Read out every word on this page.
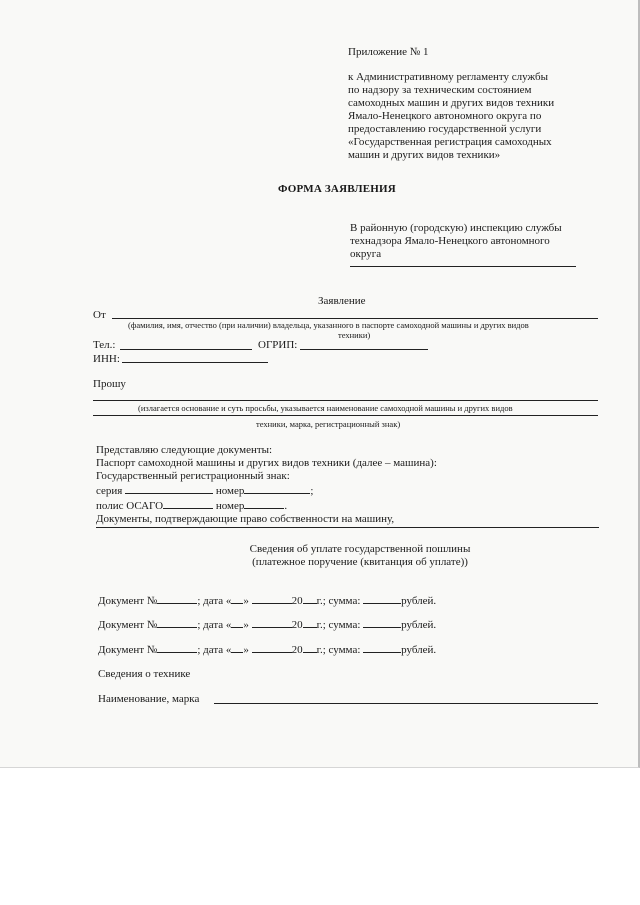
Приложение № 1
к Административному регламенту службы
по надзору за техническим состоянием
самоходных машин и других видов техники
Ямало-Ненецкого автономного округа по
предоставлению государственной услуги
«Государственная регистрация самоходных
машин и других видов техники»
ФОРМА ЗАЯВЛЕНИЯ
В районную (городскую) инспекцию службы
технадзора Ямало-Ненецкого автономного
округа
Заявление
От
(фамилия, имя, отчество (при наличии) владельца, указанного в паспорте самоходной машины и других видов
техники)
Тел.:	ОГРИП:
ИНН:
Прошу
(излагается основание и суть просьбы, указывается наименование самоходной машины и других видов
техники, марка, регистрационный знак)
Представляю следующие документы:
Паспорт самоходной машины и других видов техники (далее – машина):
Государственный регистрационный знак:
серия	номер	;
полис ОСАГО	номер	.
Документы, подтверждающие право собственности на машину,
Сведения об уплате государственной пошлины
(платежное поручение (квитанция об уплате))
Документ №	; дата « »	20 г.; сумма:	рублей.
Документ №	; дата « »	20 г.; сумма:	рублей.
Документ №	; дата « »	20 г.; сумма:	рублей.
Сведения о технике
Наименование, марка
